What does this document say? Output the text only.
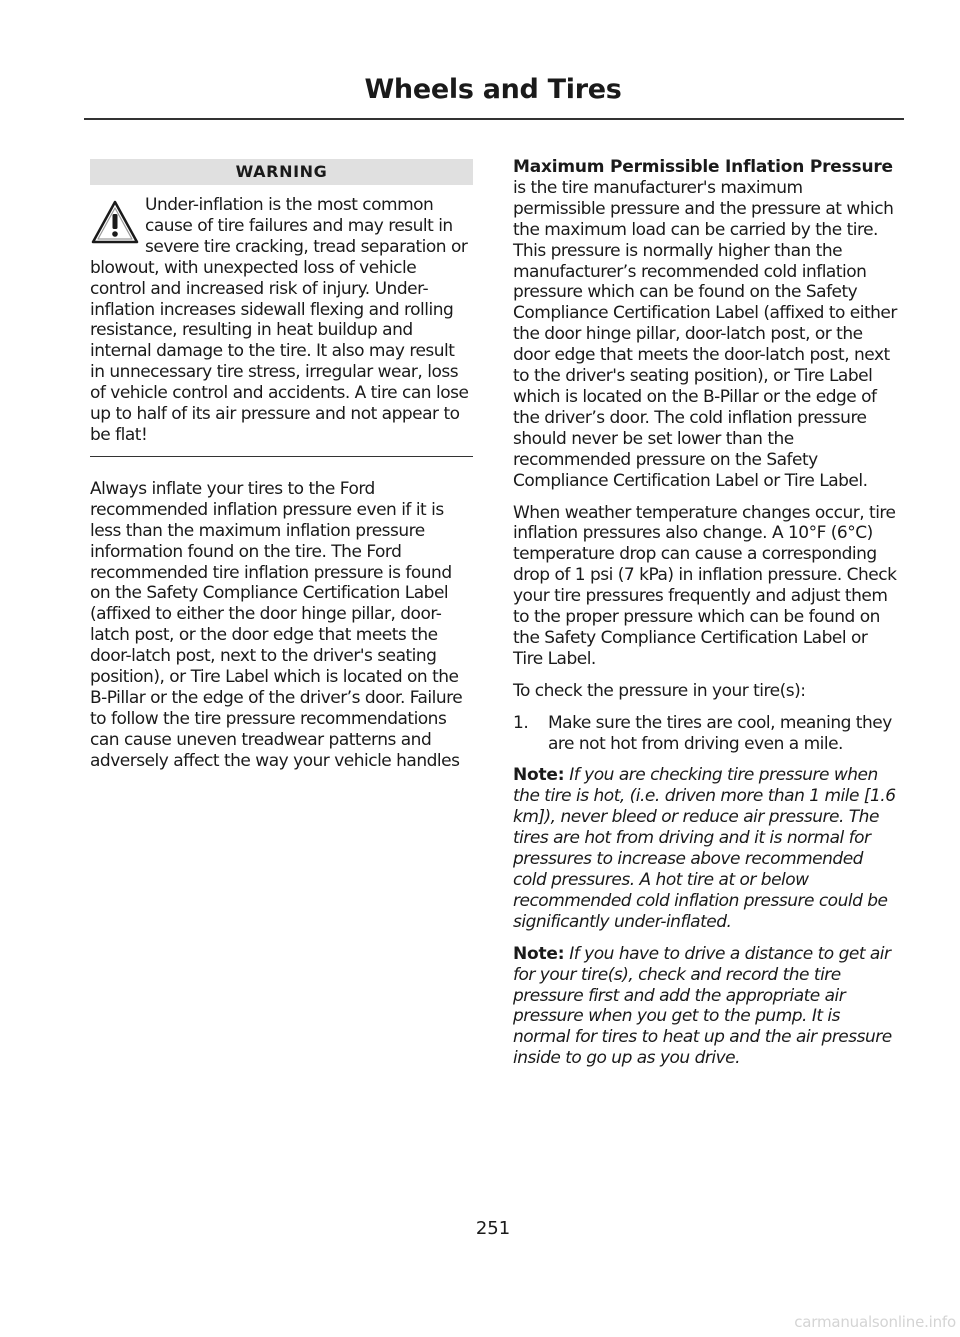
Wheels and Tires
WARNING
Under-inflation is the most common cause of tire failures and may result in severe tire cracking, tread separation or blowout, with unexpected loss of vehicle control and increased risk of injury. Under-inflation increases sidewall flexing and rolling resistance, resulting in heat buildup and internal damage to the tire. It also may result in unnecessary tire stress, irregular wear, loss of vehicle control and accidents. A tire can lose up to half of its air pressure and not appear to be flat!

Always inflate your tires to the Ford recommended inflation pressure even if it is less than the maximum inflation pressure information found on the tire. The Ford recommended tire inflation pressure is found on the Safety Compliance Certification Label (affixed to either the door hinge pillar, door-latch post, or the door edge that meets the door-latch post, next to the driver's seating position), or Tire Label which is located on the B-Pillar or the edge of the driver’s door. Failure to follow the tire pressure recommendations can cause uneven treadwear patterns and adversely affect the way your vehicle handles

Maximum Permissible Inflation Pressure is the tire manufacturer's maximum permissible pressure and the pressure at which the maximum load can be carried by the tire. This pressure is normally higher than the manufacturer’s recommended cold inflation pressure which can be found on the Safety Compliance Certification Label (affixed to either the door hinge pillar, door-latch post, or the door edge that meets the door-latch post, next to the driver's seating position), or Tire Label which is located on the B-Pillar or the edge of the driver’s door. The cold inflation pressure should never be set lower than the recommended pressure on the Safety Compliance Certification Label or Tire Label.

When weather temperature changes occur, tire inflation pressures also change. A 10°F (6°C) temperature drop can cause a corresponding drop of 1 psi (7 kPa) in inflation pressure. Check your tire pressures frequently and adjust them to the proper pressure which can be found on the Safety Compliance Certification Label or Tire Label.

To check the pressure in your tire(s):

1.	Make sure the tires are cool, meaning they are not hot from driving even a mile.

Note: If you are checking tire pressure when the tire is hot, (i.e. driven more than 1 mile [1.6 km]), never bleed or reduce air pressure. The tires are hot from driving and it is normal for pressures to increase above recommended cold pressures. A hot tire at or below recommended cold inflation pressure could be significantly under-inflated.

Note: If you have to drive a distance to get air for your tire(s), check and record the tire pressure first and add the appropriate air pressure when you get to the pump. It is normal for tires to heat up and the air pressure inside to go up as you drive.

251
carmanualsonline.info
